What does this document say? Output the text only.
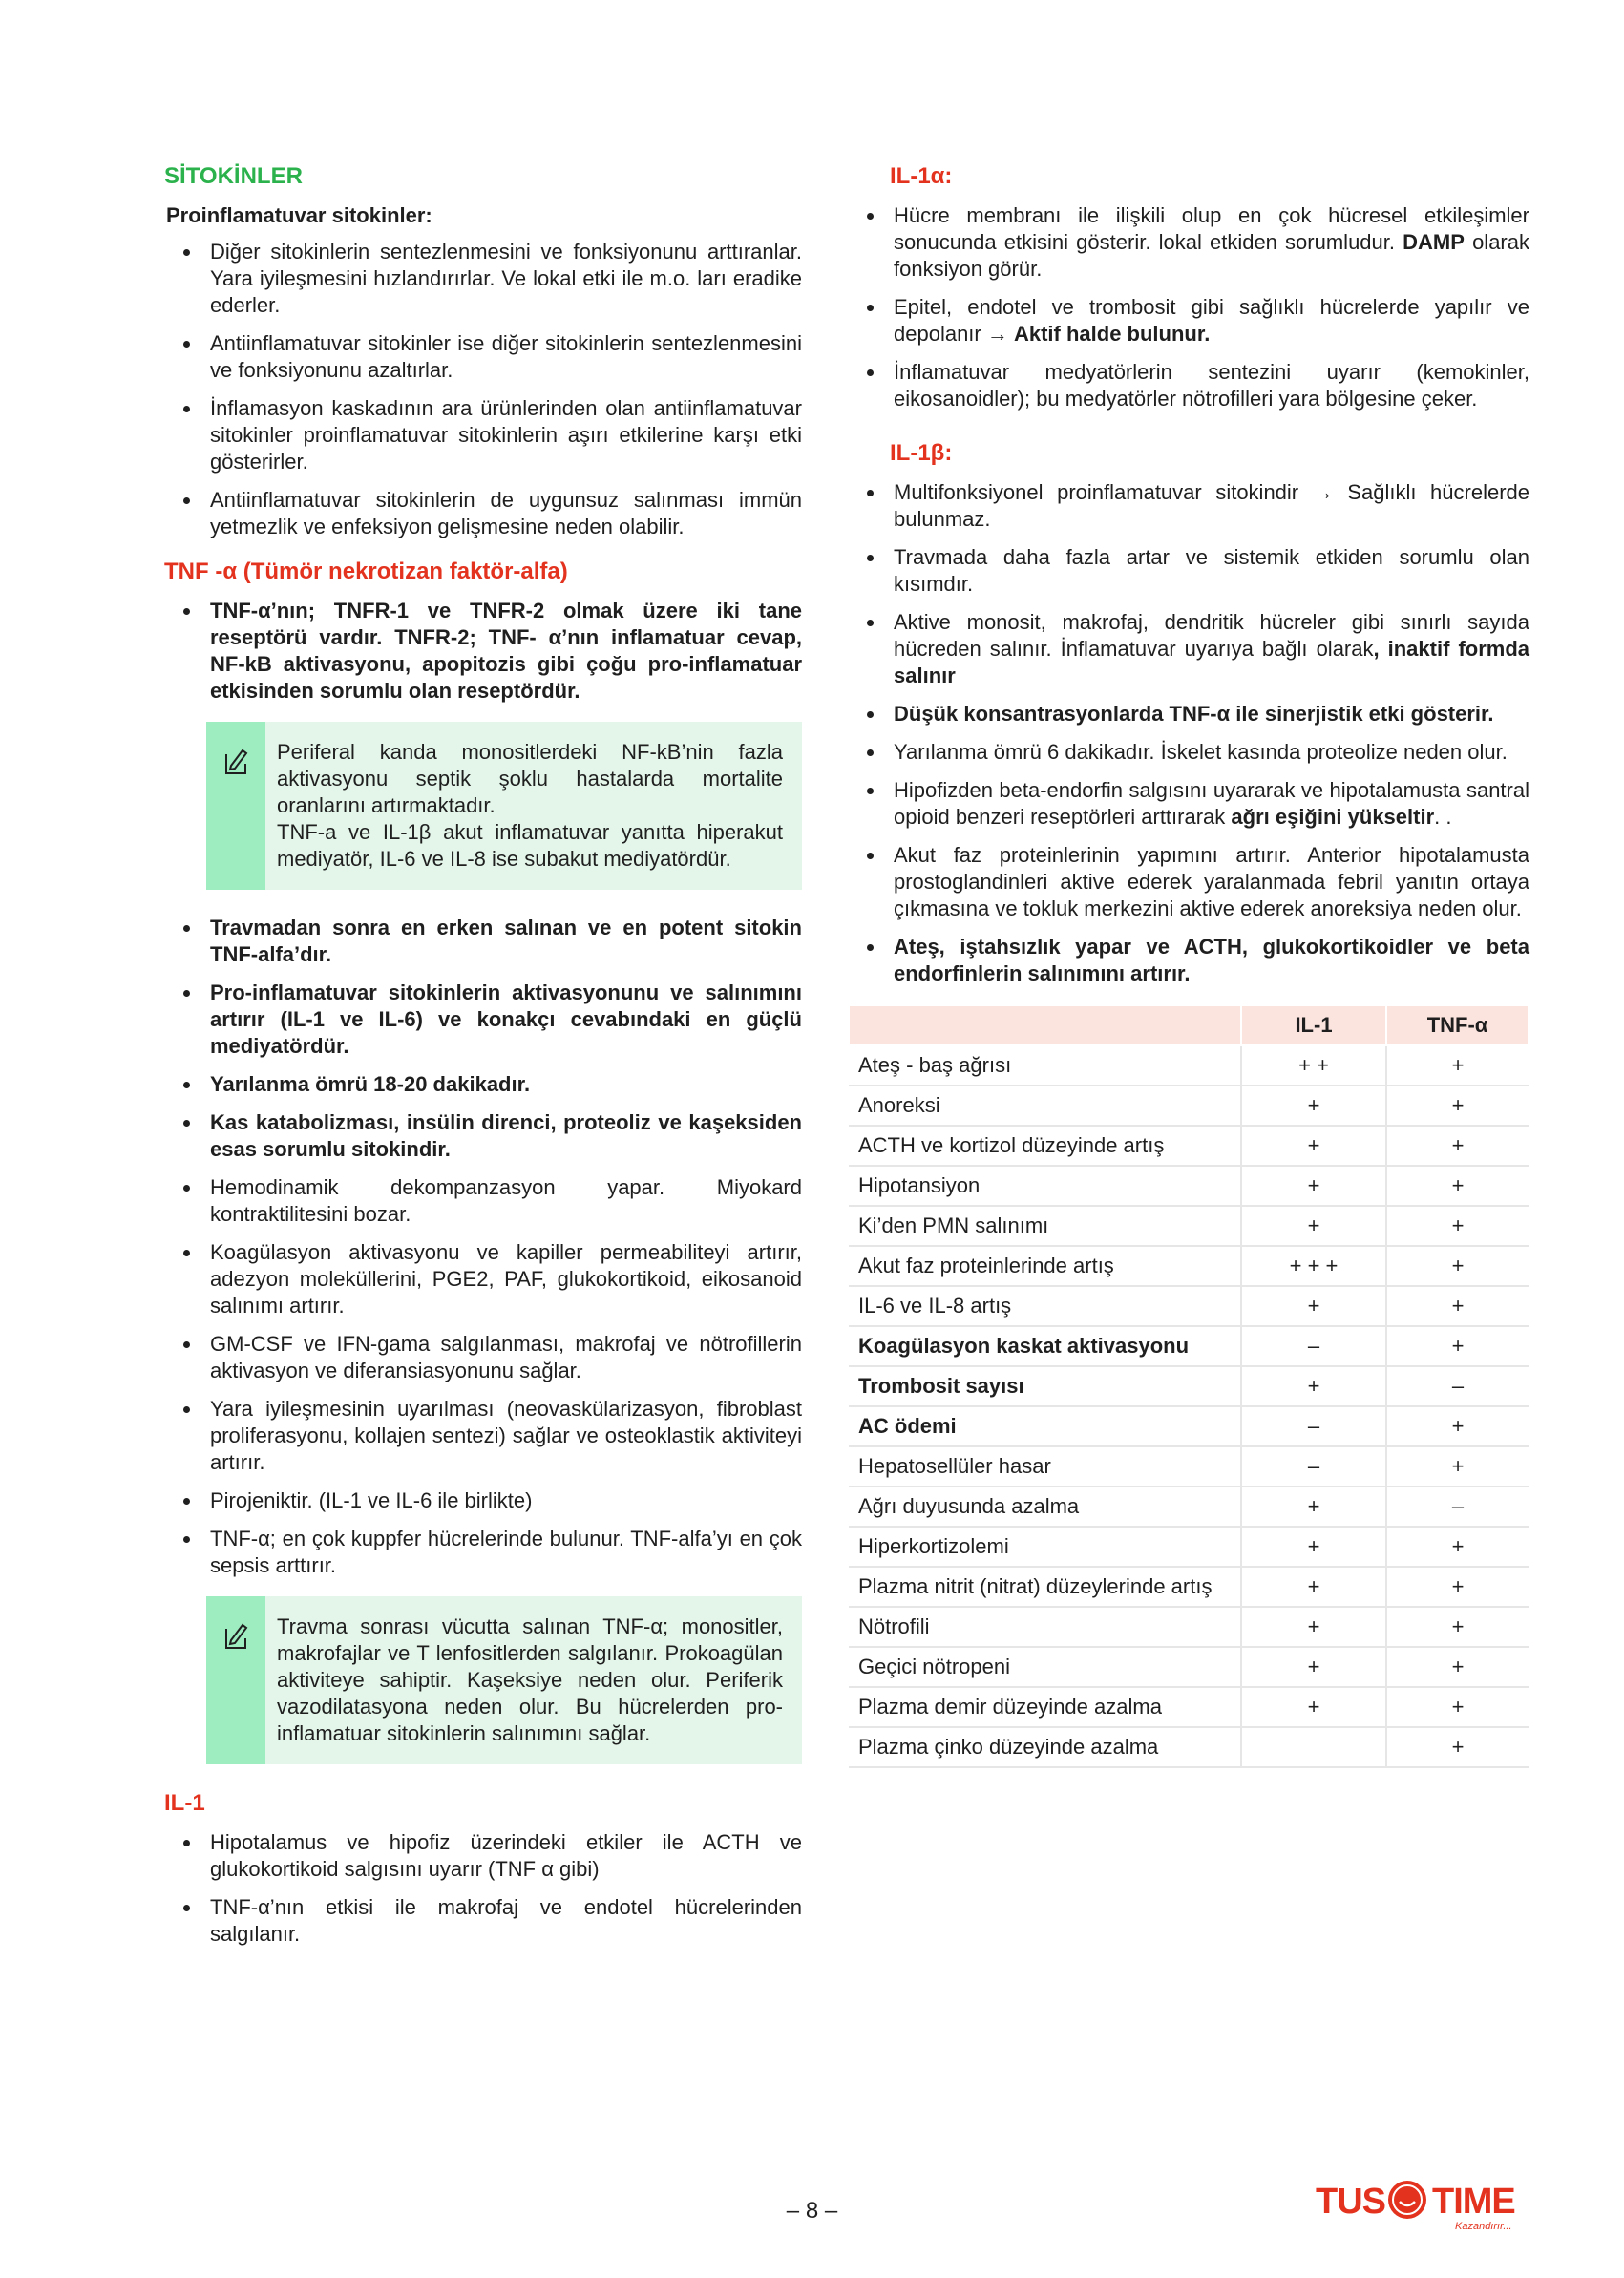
SİTOKİNLER
Proinflamatuvar sitokinler:
Diğer sitokinlerin sentezlenmesini ve fonksiyonunu arttıranlar. Yara iyileşmesini hızlandırırlar. Ve lokal etki ile m.o. ları eradike ederler.
Antiinflamatuvar sitokinler ise diğer sitokinlerin sentezlenmesini ve fonksiyonunu azaltırlar.
İnflamasyon kaskadının ara ürünlerinden olan antiinflamatuvar sitokinler proinflamatuvar sitokinlerin aşırı etkilerine karşı etki gösterirler.
Antiinflamatuvar sitokinlerin de uygunsuz salınması immün yetmezlik ve enfeksiyon gelişmesine neden olabilir.
TNF -α (Tümör nekrotizan faktör-alfa)
TNF-α’nın; TNFR-1 ve TNFR-2 olmak üzere iki tane reseptörü vardır. TNFR-2; TNF- α’nın inflamatuar cevap, NF-kB aktivasyonu, apopitozis gibi çoğu pro-inflamatuar etkisinden sorumlu olan reseptördür.

Periferal kanda monositlerdeki NF-kB’nin fazla aktivasyonu septik şoklu hastalarda mortalite oranlarını artırmaktadır.

TNF-a ve IL-1β akut inflamatuvar yanıtta hiperakut mediyatör, IL-6 ve IL-8 ise subakut mediyatördür.

Travmadan sonra en erken salınan ve en potent sitokin TNF-alfa’dır.
Pro-inflamatuvar sitokinlerin aktivasyonunu ve salınımını artırır (IL-1 ve IL-6) ve konakçı cevabındaki en güçlü mediyatördür.
Yarılanma ömrü 18-20 dakikadır.
Kas katabolizması, insülin direnci, proteoliz ve kaşeksiden esas sorumlu sitokindir.
Hemodinamik dekompanzasyon yapar. Miyokard kontraktilitesini bozar.
Koagülasyon aktivasyonu ve kapiller permeabiliteyi artırır, adezyon moleküllerini, PGE2, PAF, glukokortikoid, eikosanoid salınımı artırır.
GM-CSF ve IFN-gama salgılanması, makrofaj ve nötrofillerin aktivasyon ve diferansiasyonunu sağlar.
Yara iyileşmesinin uyarılması (neovaskülarizasyon, fibroblast proliferasyonu, kollajen sentezi) sağlar ve osteoklastik aktiviteyi artırır.
Pirojeniktir. (IL-1 ve IL-6 ile birlikte)
TNF-α; en çok kuppfer hücrelerinde bulunur. TNF-alfa’yı en çok sepsis arttırır.

Travma sonrası vücutta salınan TNF-α; monositler, makrofajlar ve T lenfositlerden salgılanır. Prokoagülan aktiviteye sahiptir. Kaşeksiye neden olur. Periferik vazodilatasyona neden olur. Bu hücrelerden pro-inflamatuar sitokinlerin salınımını sağlar.

IL-1
Hipotalamus ve hipofiz üzerindeki etkiler ile ACTH ve glukokortikoid salgısını uyarır (TNF α gibi)
TNF-α’nın etkisi ile makrofaj ve endotel hücrelerinden salgılanır.
IL-1α:
Hücre membranı ile ilişkili olup en çok hücresel etkileşimler sonucunda etkisini gösterir. lokal etkiden sorumludur. DAMP olarak fonksiyon görür.
Epitel, endotel ve trombosit gibi sağlıklı hücrelerde yapılır ve depolanır → Aktif halde bulunur.
İnflamatuvar medyatörlerin sentezini uyarır (kemokinler, eikosanoidler); bu medyatörler nötrofilleri yara bölgesine çeker.
IL-1β:
Multifonksiyonel proinflamatuvar sitokindir → Sağlıklı hücrelerde bulunmaz.
Travmada daha fazla artar ve sistemik etkiden sorumlu olan kısımdır.
Aktive monosit, makrofaj, dendritik hücreler gibi sınırlı sayıda hücreden salınır. İnflamatuvar uyarıya bağlı olarak, inaktif formda salınır
Düşük konsantrasyonlarda TNF-α ile sinerjistik etki gösterir.
Yarılanma ömrü 6 dakikadır. İskelet kasında proteolize neden olur.
Hipofizden beta-endorfin salgısını uyararak ve hipotalamusta santral opioid benzeri reseptörleri arttırarak ağrı eşiğini yükseltir. .
Akut faz proteinlerinin yapımını artırır. Anterior hipotalamusta prostoglandinleri aktive ederek yaralanmada febril yanıtın ortaya çıkmasına ve tokluk merkezini aktive ederek anoreksiya neden olur.
Ateş, iştahsızlık yapar ve ACTH, glukokortikoidler ve beta endorfinlerin salınımını artırır.
	IL-1	TNF-α
Ateş - baş ağrısı	+ +	+
Anoreksi	+	+
ACTH ve kortizol düzeyinde artış	+	+
Hipotansiyon	+	+
Ki’den PMN salınımı	+	+
Akut faz proteinlerinde artış	+ + +	+
IL-6 ve IL-8 artış	+	+
Koagülasyon kaskat aktivasyonu	–	+
Trombosit sayısı	+	–
AC ödemi	–	+
Hepatosellüler hasar	–	+
Ağrı duyusunda azalma	+	–
Hiperkortizolemi	+	+
Plazma nitrit (nitrat) düzeylerinde artış	+	+
Nötrofili	+	+
Geçici nötropeni	+	+
Plazma demir düzeyinde azalma	+	+
Plazma çinko düzeyinde azalma		+
– 8 –	TUS TIME
Kazandırır...
